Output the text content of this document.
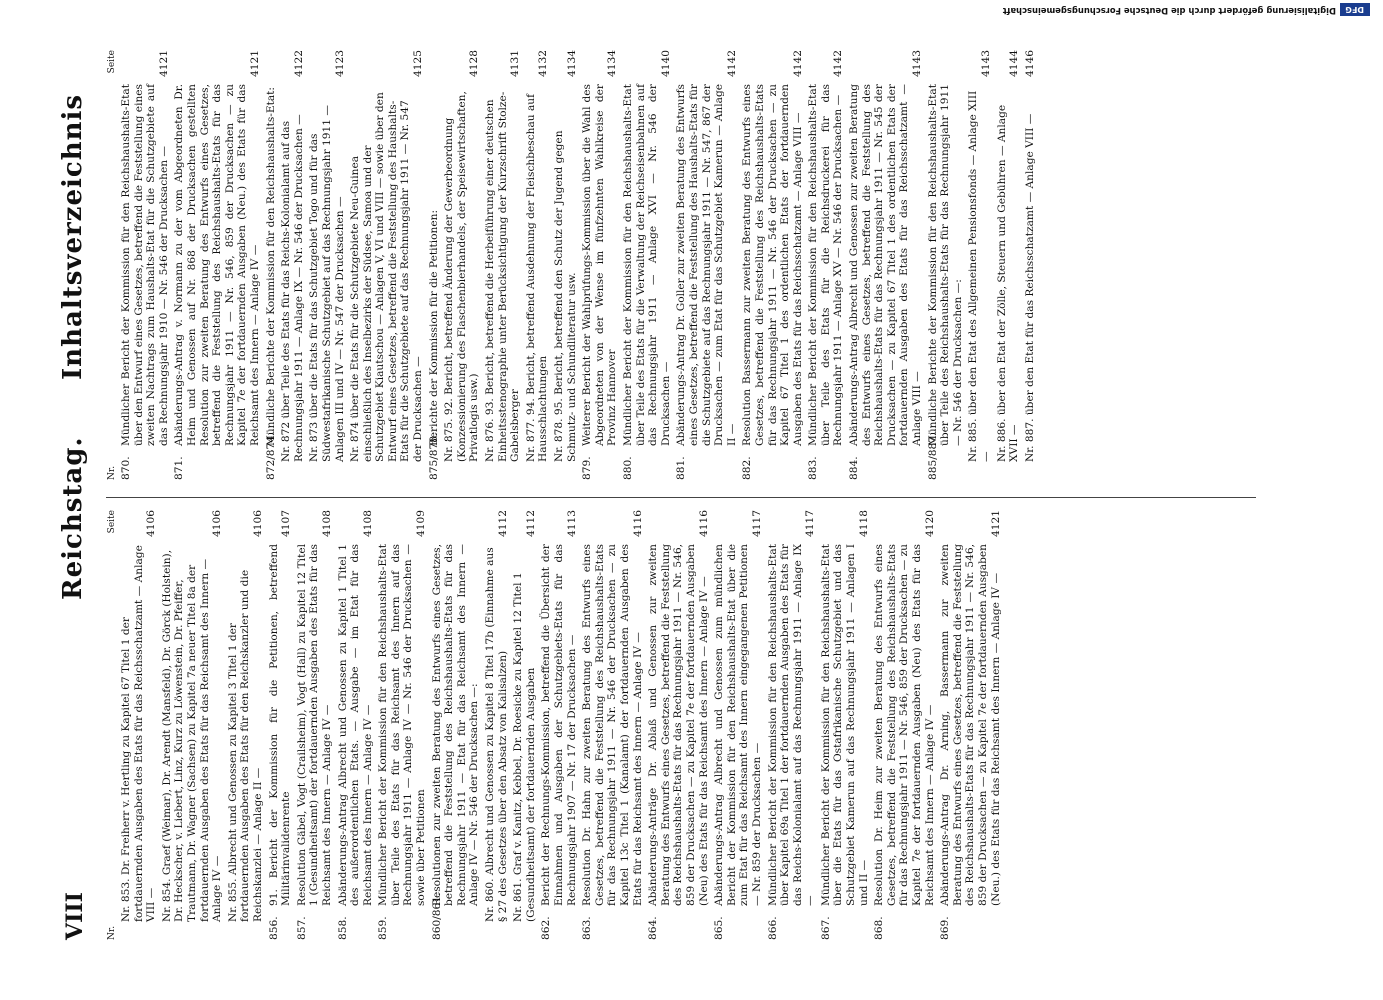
VIII
Reichstag.
Inhaltsverzeichnis
Nr.
Seite
Nr. 853. Dr. Freiherr v. Hertling zu Kapitel 67 Titel 1 der fortdauernden Ausgaben des Etats für das Reichsschatzamt — Anlage VIII —
4106
Nr. 854. Graef (Weimar), Dr. Arendt (Mansfeld), Dr. Görck (Holstein), Dr. Heckscher, v. Liebert, Linz, Kurz zu Löwenstein, Dr. Pfeiffer, Trautmann, Dr. Wagner (Sachsen) zu Kapitel 7a neuer Titel 8a der fortdauernden Ausgaben des Etats für das Reichsamt des Innern — Anlage IV —
4106
Nr. 855. Albrecht und Genossen zu Kapitel 3 Titel 1 der fortdauernden Ausgaben des Etats für den Reichskanzler und die Reichskanzlei — Anlage II —
4106
856.
91. Bericht der Kommission für die Petitionen, betreffend Militärinvalidenrente
4107
857.
Resolution Gäbel, Vogt (Crailsheim), Vogt (Hall) zu Kapitel 12 Titel 1 (Gesundheitsamt) der fortdauernden Ausgaben des Etats für das Reichsamt des Innern — Anlage IV —
4108
858.
Abänderungs-Antrag Albrecht und Genossen zu Kapitel 1 Titel 1 des außerordentlichen Etats. — Ausgabe — im Etat für das Reichsamt des Innern — Anlage IV —
4108
859.
Mündlicher Bericht der Kommission für den Reichshaushalts-Etat über Teile des Etats für das Reichsamt des Innern auf das Rechnungsjahr 1911 — Anlage IV — Nr. 546 der Drucksachen — sowie über Petitionen
4109
860/861.
Resolutionen zur zweiten Beratung des Entwurfs eines Gesetzes, betreffend die Feststellung des Reichshaushalts-Etats für das Rechnungsjahr 1911 — Etat für das Reichsamt des Innern — Anlage IV — Nr. 546 der Drucksachen —: Nr. 860. Albrecht und Genossen zu Kapitel 8 Titel 17b (Einnahme aus § 27 des Gesetzes über den Absatz von Kalisalzen)
4112
Nr. 861. Graf v. Kanitz, Kebbel, Dr. Roesicke zu Kapitel 12 Titel 1 (Gesundheitsamt) der fortdauernden Ausgaben
4112
862.
Bericht der Rechnungs-Kommission, betreffend die Übersicht der Einnahmen und Ausgaben der Schutzgebiets-Etats für das Rechnungsjahr 1907 — Nr. 17 der Drucksachen —
4113
863.
Resolution Dr. Hahn zur zweiten Beratung des Entwurfs eines Gesetzes, betreffend die Feststellung des Reichshaushalts-Etats für das Rechnungsjahr 1911 — Nr. 546 der Drucksachen — zu Kapitel 13c Titel 1 (Kanalamt) der fortdauernden Ausgaben des Etats für das Reichsamt des Innern — Anlage IV —
4116
864.
Abänderungs-Anträge Dr. Ablaß und Genossen zur zweiten Beratung des Entwurfs eines Gesetzes, betreffend die Feststellung des Reichshaushalts-Etats für das Rechnungsjahr 1911 — Nr. 546, 859 der Drucksachen — zu Kapitel 7e der fortdauernden Ausgaben (Neu) des Etats für das Reichsamt des Innern — Anlage IV —
4116
865.
Abänderungs-Antrag Albrecht und Genossen zum mündlichen Bericht der Kommission für den Reichshaushalts-Etat über die zum Etat für das Reichsamt des Innern eingegangenen Petitionen — Nr. 859 der Drucksachen —
4117
866.
Mündlicher Bericht der Kommission für den Reichshaushalts-Etat über Kapitel 69a Titel 1 der fortdauernden Ausgaben des Etats für das Reichs-Kolonialamt auf das Rechnungsjahr 1911 — Anlage IX —
4117
867.
Mündlicher Bericht der Kommission für den Reichshaushalts-Etat über die Etats für das Ostafrikanische Schutzgebiet und das Schutzgebiet Kamerun auf das Rechnungsjahr 1911 — Anlagen I und II —
4118
868.
Resolution Dr. Heim zur zweiten Beratung des Entwurfs eines Gesetzes, betreffend die Feststellung des Reichshaushalts-Etats für das Rechnungsjahr 1911 — Nr. 546, 859 der Drucksachen — zu Kapitel 7e der fortdauernden Ausgaben (Neu) des Etats für das Reichsamt des Innern — Anlage IV —
4120
869.
Abänderungs-Antrag Dr. Arning, Bassermann zur zweiten Beratung des Entwurfs eines Gesetzes, betreffend die Feststellung des Reichshaushalts-Etats für das Rechnungsjahr 1911 — Nr. 546, 859 der Drucksachen — zu Kapitel 7e der fortdauernden Ausgaben (Neu.) des Etats für das Reichsamt des Innern — Anlage IV —
4121
Nr.
Seite
870.
Mündlicher Bericht der Kommission für den Reichshaushalts-Etat über den Entwurf eines Gesetzes, betreffend die Feststellung eines zweiten Nachtrags zum Haushalts-Etat für die Schutzgebiete auf das Rechnungsjahr 1910 — Nr. 546 der Drucksachen —
4121
871.
Abänderungs-Antrag v. Normann zu der vom Abgeordneten Dr. Heim und Genossen auf Nr. 868 der Drucksachen gestellten Resolution zur zweiten Beratung des Entwurfs eines Gesetzes, betreffend die Feststellung des Reichshaushalts-Etats für das Rechnungsjahr 1911 — Nr. 546, 859 der Drucksachen — zu Kapitel 7e der fortdauernden Ausgaben (Neu.) des Etats für das Reichsamt des Innern — Anlage IV —
4121
872/874.
Mündliche Berichte der Kommission für den Reichshaushalts-Etat: Nr. 872 über Teile des Etats für das Reichs-Kolonialamt auf das Rechnungsjahr 1911 — Anlage IX — Nr. 546 der Drucksachen —
4122
Nr. 873 über die Etats für das Schutzgebiet Togo und für das Südwestafrikanische Schutzgebiet auf das Rechnungsjahr 1911 — Anlagen III und IV — Nr. 547 der Drucksachen —
4123
Nr. 874 über die Etats für die Schutzgebiete Neu-Guinea einschließlich des Inselbezirks der Südsee, Samoa und der Schutzgebiet Kiautschou — Anlagen V, VI und VIII — sowie über den Entwurf eines Gesetzes, betreffend die Feststellung des Haushalts-Etats für die Schutzgebiete auf das Rechnungsjahr 1911 — Nr. 547 der Drucksachen —
4125
875/878.
Berichte der Kommission für die Petitionen: Nr. 875. 92. Bericht, betreffend Änderung der Gewerbeordnung (Konzessionierung des Flaschenbierhandels, der Speisewirtschaften, Privatlogis usw.)
4128
Nr. 876. 93. Bericht, betreffend die Herbeiführung einer deutschen Einheitsstenographie unter Berücksichtigung der Kurzschrift Stolze-Gabelsberger
4131
Nr. 877. 94. Bericht, betreffend Ausdehnung der Fleischbeschau auf Hausschlachtungen
4132
Nr. 878. 95. Bericht, betreffend den Schutz der Jugend gegen Schmutz- und Schundliteratur usw.
4134
879.
Weiterer Bericht der Wahlprüfungs-Kommission über die Wahl des Abgeordneten von der Wense im fünfzehnten Wahlkreise der Provinz Hannover
4134
880.
Mündlicher Bericht der Kommission für den Reichshaushalts-Etat über Teile des Etats für die Verwaltung der Reichseisenbahnen auf das Rechnungsjahr 1911 — Anlage XVI — Nr. 546 der Drucksachen —
4140
881.
Abänderungs-Antrag Dr. Goller zur zweiten Beratung des Entwurfs eines Gesetzes, betreffend die Feststellung des Haushalts-Etats für die Schutzgebiete auf das Rechnungsjahr 1911 — Nr. 547, 867 der Drucksachen — zum Etat für das Schutzgebiet Kamerun — Anlage II —
4142
882.
Resolution Bassermann zur zweiten Beratung des Entwurfs eines Gesetzes, betreffend die Feststellung des Reichshaushalts-Etats für das Rechnungsjahr 1911 — Nr. 546 der Drucksachen — zu Kapitel 67 Titel 1 des ordentlichen Etats der fortdauernden Ausgaben des Etats für das Reichsschatzamt — Anlage VIII —
4142
883.
Mündlicher Bericht der Kommission für den Reichshaushalts-Etat über Teile des Etats für die Reichsdruckerei für das Rechnungsjahr 1911 — Anlage XV — Nr. 546 der Drucksachen —
4142
884.
Abänderungs-Antrag Albrecht und Genossen zur zweiten Beratung des Entwurfs eines Gesetzes, betreffend die Feststellung des Reichshaushalts-Etats für das Rechnungsjahr 1911 — Nr. 545 der Drucksachen — zu Kapitel 67 Titel 1 des ordentlichen Etats der fortdauernden Ausgaben des Etats für das Reichsschatzamt — Anlage VIII —
4143
885/887.
Mündliche Berichte der Kommission für den Reichshaushalts-Etat über Teile des Reichshaushalts-Etats für das Rechnungsjahr 1911 — Nr. 546 der Drucksachen —: Nr. 885. über den Etat des Allgemeinen Pensionsfonds — Anlage XIII —
4143
Nr. 886. über den Etat der Zölle, Steuern und Gebühren — Anlage XVII —
4144
Nr. 887. über den Etat für das Reichsschatzamt — Anlage VIII —
4146
Digitalisierung gefördert durch die Deutsche Forschungsgemeinschaft	DFG
